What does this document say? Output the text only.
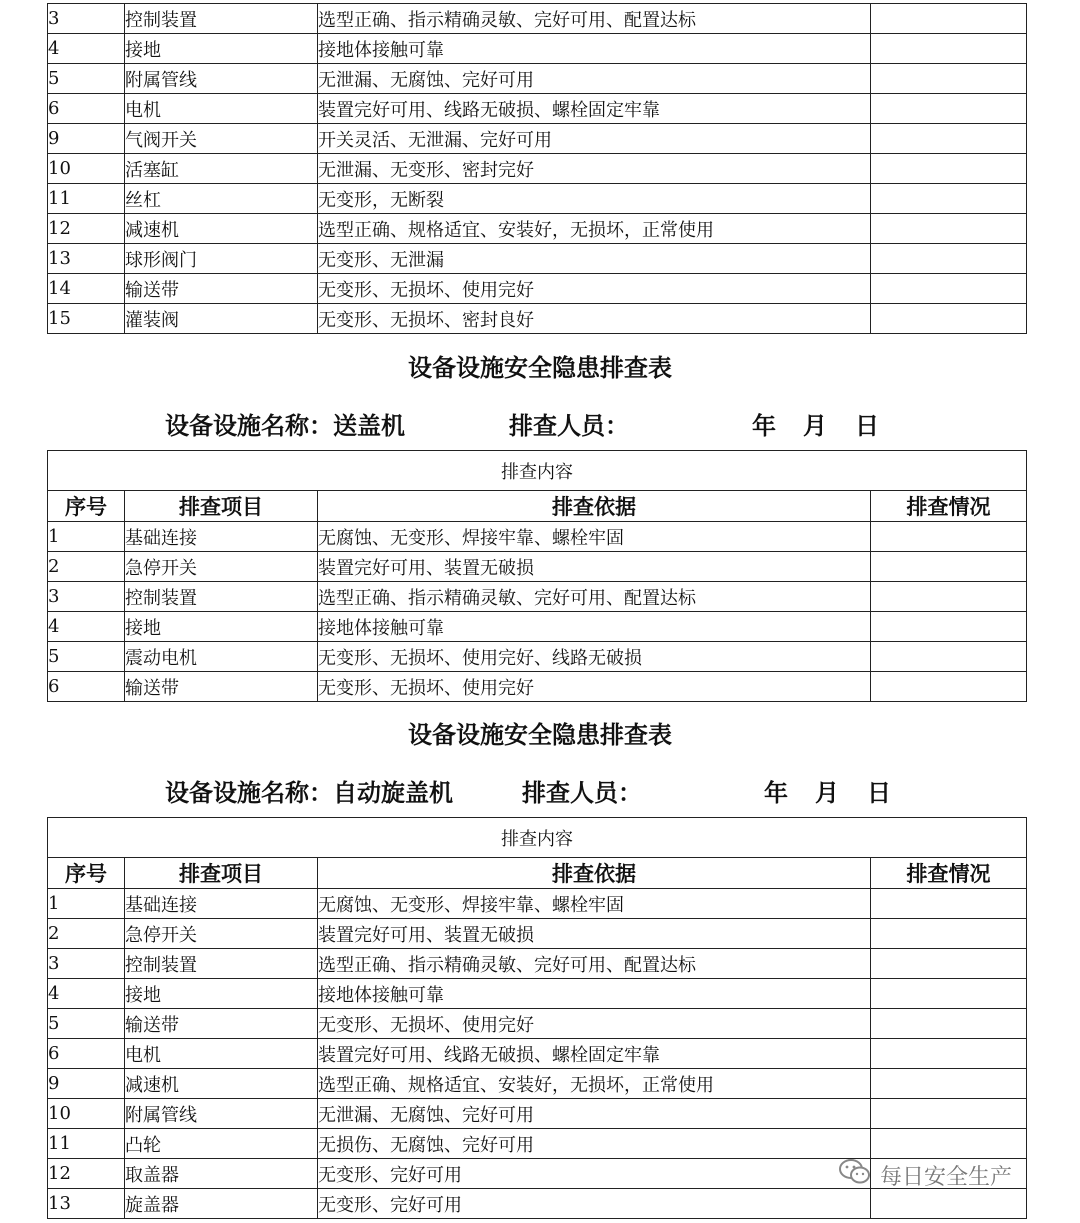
3	控制装置	选型正确、指示精确灵敏、完好可用、配置达标	
4	接地	接地体接触可靠	
5	附属管线	无泄漏、无腐蚀、完好可用	
6	电机	装置完好可用、线路无破损、螺栓固定牢靠	
9	气阀开关	开关灵活、无泄漏、完好可用	
10	活塞缸	无泄漏、无变形、密封完好	
11	丝杠	无变形，无断裂	
12	减速机	选型正确、规格适宜、安装好，无损坏，正常使用	
13	球形阀门	无变形、无泄漏	
14	输送带	无变形、无损坏、使用完好	
15	灌装阀	无变形、无损坏、密封良好	
设备设施安全隐患排查表
设备设施名称：送盖机	排查人员：	年 月 日
排查内容			
序号	排查项目	排查依据	排查情况
1	基础连接	无腐蚀、无变形、焊接牢靠、螺栓牢固	
2	急停开关	装置完好可用、装置无破损	
3	控制装置	选型正确、指示精确灵敏、完好可用、配置达标	
4	接地	接地体接触可靠	
5	震动电机	无变形、无损坏、使用完好、线路无破损	
6	输送带	无变形、无损坏、使用完好	
设备设施安全隐患排查表
设备设施名称：自动旋盖机	排查人员：	年 月 日
排查内容			
序号	排查项目	排查依据	排查情况
1	基础连接	无腐蚀、无变形、焊接牢靠、螺栓牢固	
2	急停开关	装置完好可用、装置无破损	
3	控制装置	选型正确、指示精确灵敏、完好可用、配置达标	
4	接地	接地体接触可靠	
5	输送带	无变形、无损坏、使用完好	
6	电机	装置完好可用、线路无破损、螺栓固定牢靠	
9	减速机	选型正确、规格适宜、安装好，无损坏，正常使用	
10	附属管线	无泄漏、无腐蚀、完好可用	
11	凸轮	无损伤、无腐蚀、完好可用	
12	取盖器	无变形、完好可用	
13	旋盖器	无变形、完好可用	
每日安全生产
